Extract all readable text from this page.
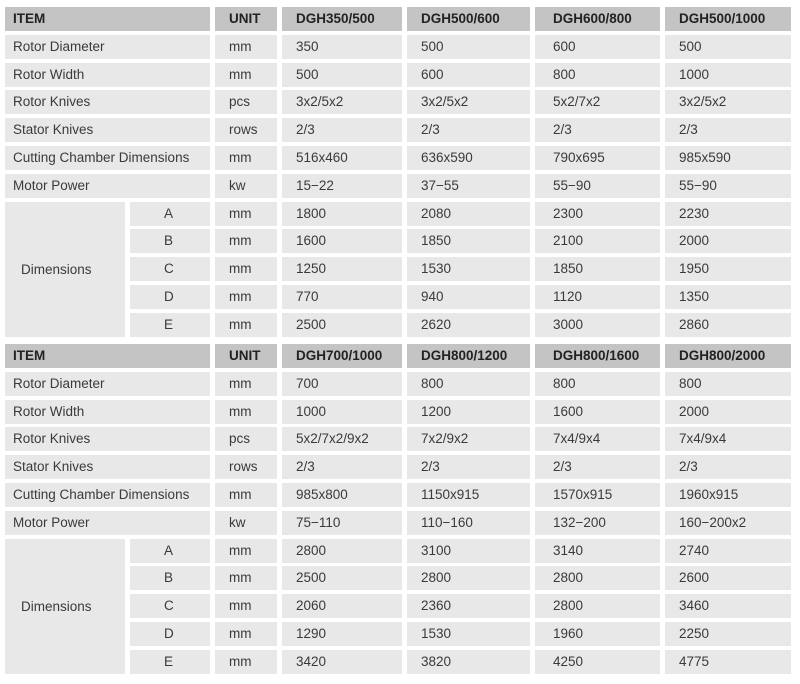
ITEM	UNIT	DGH350/500	DGH500/600	DGH600/800	DGH500/1000
Rotor Diameter	mm	350	500	600	500
Rotor Width	mm	500	600	800	1000
Rotor Knives	pcs	3x2/5x2	3x2/5x2	5x2/7x2	3x2/5x2
Stator Knives	rows	2/3	2/3	2/3	2/3
Cutting Chamber Dimensions	mm	516x460	636x590	790x695	985x590
Motor Power	kw	15−22	37−55	55−90	55−90
Dimensions
A	mm	1800	2080	2300	2230
B	mm	1600	1850	2100	2000
C	mm	1250	1530	1850	1950
D	mm	770	940	1120	1350
E	mm	2500	2620	3000	2860
ITEM	UNIT	DGH700/1000	DGH800/1200	DGH800/1600	DGH800/2000
Rotor Diameter	mm	700	800	800	800
Rotor Width	mm	1000	1200	1600	2000
Rotor Knives	pcs	5x2/7x2/9x2	7x2/9x2	7x4/9x4	7x4/9x4
Stator Knives	rows	2/3	2/3	2/3	2/3
Cutting Chamber Dimensions	mm	985x800	1150x915	1570x915	1960x915
Motor Power	kw	75−110	110−160	132−200	160−200x2
Dimensions
A	mm	2800	3100	3140	2740
B	mm	2500	2800	2800	2600
C	mm	2060	2360	2800	3460
D	mm	1290	1530	1960	2250
E	mm	3420	3820	4250	4775
